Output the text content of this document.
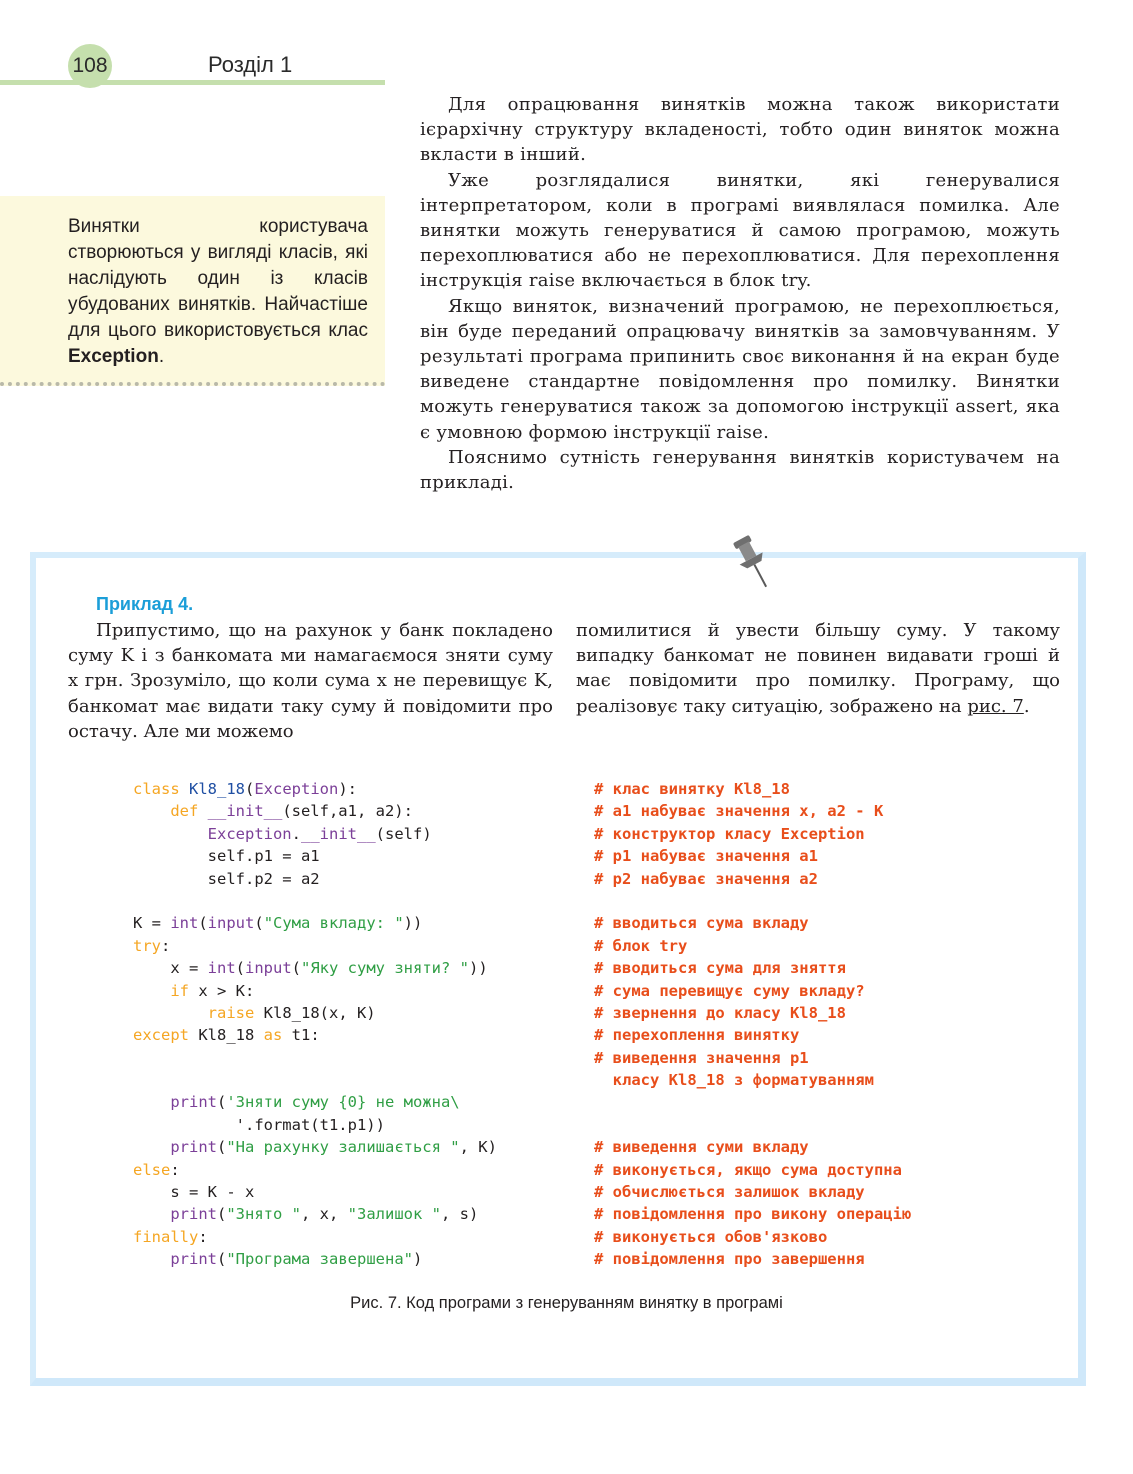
108	Розділ 1

Винятки користувача створюються у вигляді класів, які наслідують один із класів убудованих винятків. Найчастіше для цього використовується клас Exception.

Для опрацювання винятків можна також використати ієрархічну структуру вкладеності, тобто один виняток можна вкласти в інший.

Уже розглядалися винятки, які генерувалися інтерпретатором, коли в програмі виявлялася помилка. Але винятки можуть генеруватися й самою програмою, можуть перехоплюватися або не перехоплюватися. Для перехоплення інструкція raise включається в блок try.

Якщо виняток, визначений програмою, не перехоплюється, він буде переданий опрацювачу винятків за замовчуванням. У результаті програма припинить своє виконання й на екран буде виведене стандартне повідомлення про помилку. Винятки можуть генеруватися також за допомогою інструкції assert, яка є умовною формою інструкції raise.

Пояснимо сутність генерування винятків користувачем на прикладі.

Приклад 4.

Припустимо, що на рахунок у банк покладено суму K і з банкомата ми намагаємося зняти суму x грн. Зрозуміло, що коли сума x не перевищує K, банкомат має видати таку суму й повідомити про остачу. Але ми можемо

помилитися й увести більшу суму. У такому випадку банкомат не повинен видавати гроші й має повідомити про помилку. Програму, що реалізовує таку ситуацію, зображено на рис. 7.

class Kl8_18(Exception):	# клас винятку Kl8_18
def __init__(self,a1, a2):	# a1 набуває значення x, a2 - K
Exception.__init__(self)	# конструктор класу Exception
self.p1 = a1	# p1 набуває значення a1
self.p2 = a2	# p2 набуває значення a2
K = int(input("Сума вкладу: "))	# вводиться сума вкладу
try:	# блок try
x = int(input("Яку суму зняти? "))	# вводиться сума для зняття
if x > K:	# сума перевищує суму вкладу?
raise Kl8_18(x, K)	# звернення до класу Kl8_18
except Kl8_18 as t1:	# перехоплення винятку
# виведення значення p1
класу Kl8_18 з форматуванням
print('Зняти суму {0} не можна\
'.format(t1.p1))
print("На рахунку залишається ", K)	# виведення суми вкладу
else:	# виконується, якщо сума доступна
s = K - x	# обчислюється залишок вкладу
print("Знято ", x, "Залишок ", s)	# повідомлення про викону операцію
finally:	# виконується обов'язково
print("Програма завершена")	# повідомлення про завершення
Рис. 7. Код програми з генеруванням винятку в програмі
